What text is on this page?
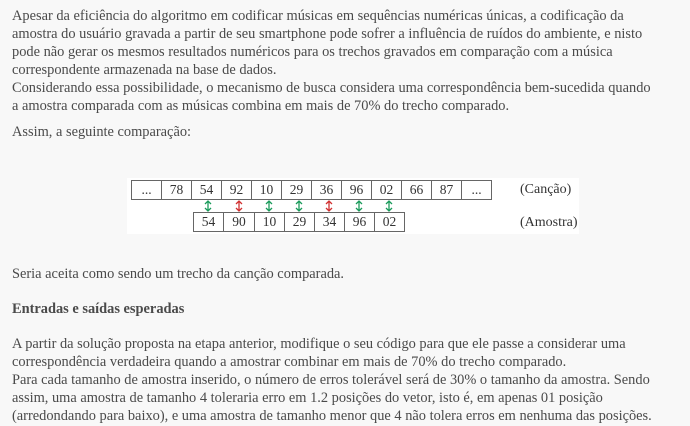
Apesar da eficiência do algoritmo em codificar músicas em sequências numéricas únicas, a codificação da
amostra do usuário gravada a partir de seu smartphone pode sofrer a influência de ruídos do ambiente, e nisto
pode não gerar os mesmos resultados numéricos para os trechos gravados em comparação com a música
correspondente armazenada na base de dados.
Considerando essa possibilidade, o mecanismo de busca considera uma correspondência bem-sucedida quando
a amostra comparada com as músicas combina em mais de 70% do trecho comparado.
Assim, a seguinte comparação:
...	78	54	92	10	29	36	96	02	66	87	...	(Canção)
54	90	10	29	34	96	02	(Amostra)
Seria aceita como sendo um trecho da canção comparada.
Entradas e saídas esperadas
A partir da solução proposta na etapa anterior, modifique o seu código para que ele passe a considerar uma
correspondência verdadeira quando a amostrar combinar em mais de 70% do trecho comparado.
Para cada tamanho de amostra inserido, o número de erros tolerável será de 30% o tamanho da amostra. Sendo
assim, uma amostra de tamanho 4 toleraria erro em 1.2 posições do vetor, isto é, em apenas 01 posição
(arredondando para baixo), e uma amostra de tamanho menor que 4 não tolera erros em nenhuma das posições.
